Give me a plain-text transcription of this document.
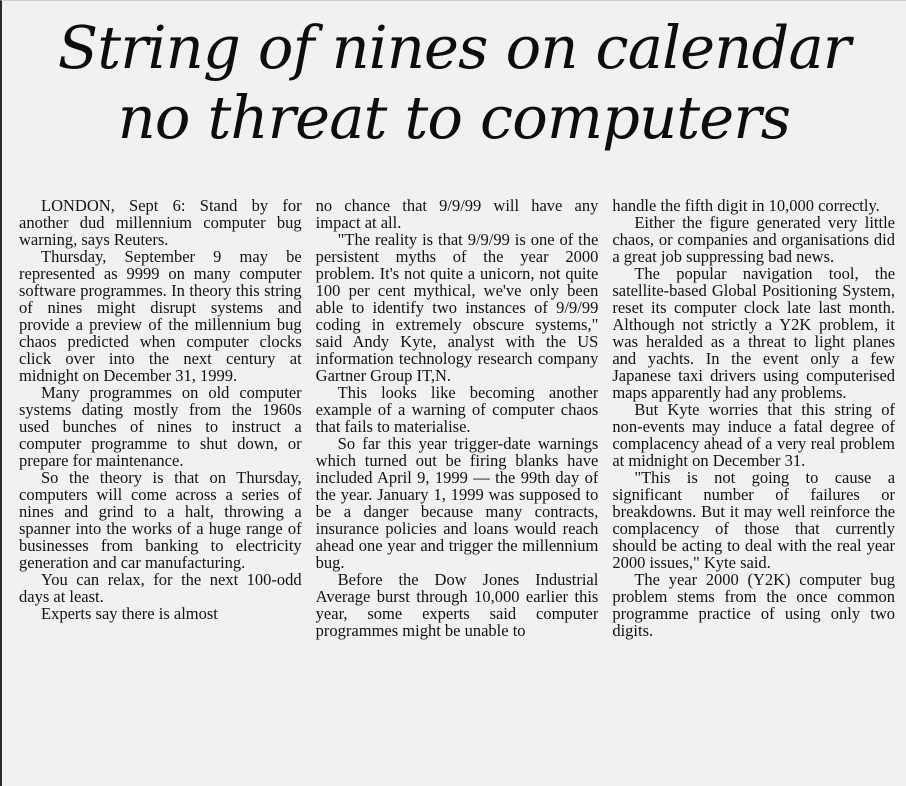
String of nines on calendar
no threat to computers

LONDON, Sept 6: Stand by for another dud millennium computer bug warning, says Reuters.

Thursday, September 9 may be represented as 9999 on many computer software programmes. In theory this string of nines might disrupt systems and provide a preview of the millennium bug chaos predicted when computer clocks click over into the next century at midnight on December 31, 1999.

Many programmes on old computer systems dating mostly from the 1960s used bunches of nines to instruct a computer programme to shut down, or prepare for maintenance.

So the theory is that on Thursday, computers will come across a series of nines and grind to a halt, throwing a spanner into the works of a huge range of businesses from banking to electricity generation and car manufacturing.

You can relax, for the next 100-odd days at least.

Experts say there is almost

no chance that 9/9/99 will have any impact at all.

"The reality is that 9/9/99 is one of the persistent myths of the year 2000 problem. It's not quite a unicorn, not quite 100 per cent mythical, we've only been able to identify two instances of 9/9/99 coding in extremely obscure systems," said Andy Kyte, analyst with the US information technology research company Gartner Group IT,N.

This looks like becoming another example of a warning of computer chaos that fails to materialise.

So far this year trigger-date warnings which turned out be firing blanks have included April 9, 1999 — the 99th day of the year. January 1, 1999 was supposed to be a danger because many contracts, insurance policies and loans would reach ahead one year and trigger the millennium bug.

Before the Dow Jones Industrial Average burst through 10,000 earlier this year, some experts said computer programmes might be unable to

handle the fifth digit in 10,000 correctly.

Either the figure generated very little chaos, or companies and organisations did a great job suppressing bad news.

The popular navigation tool, the satellite-based Global Positioning System, reset its computer clock late last month. Although not strictly a Y2K problem, it was heralded as a threat to light planes and yachts. In the event only a few Japanese taxi drivers using computerised maps apparently had any problems.

But Kyte worries that this string of non-events may induce a fatal degree of complacency ahead of a very real problem at midnight on December 31.

"This is not going to cause a significant number of failures or breakdowns. But it may well reinforce the complacency of those that currently should be acting to deal with the real year 2000 issues," Kyte said.

The year 2000 (Y2K) computer bug problem stems from the once common programme practice of using only two digits.
